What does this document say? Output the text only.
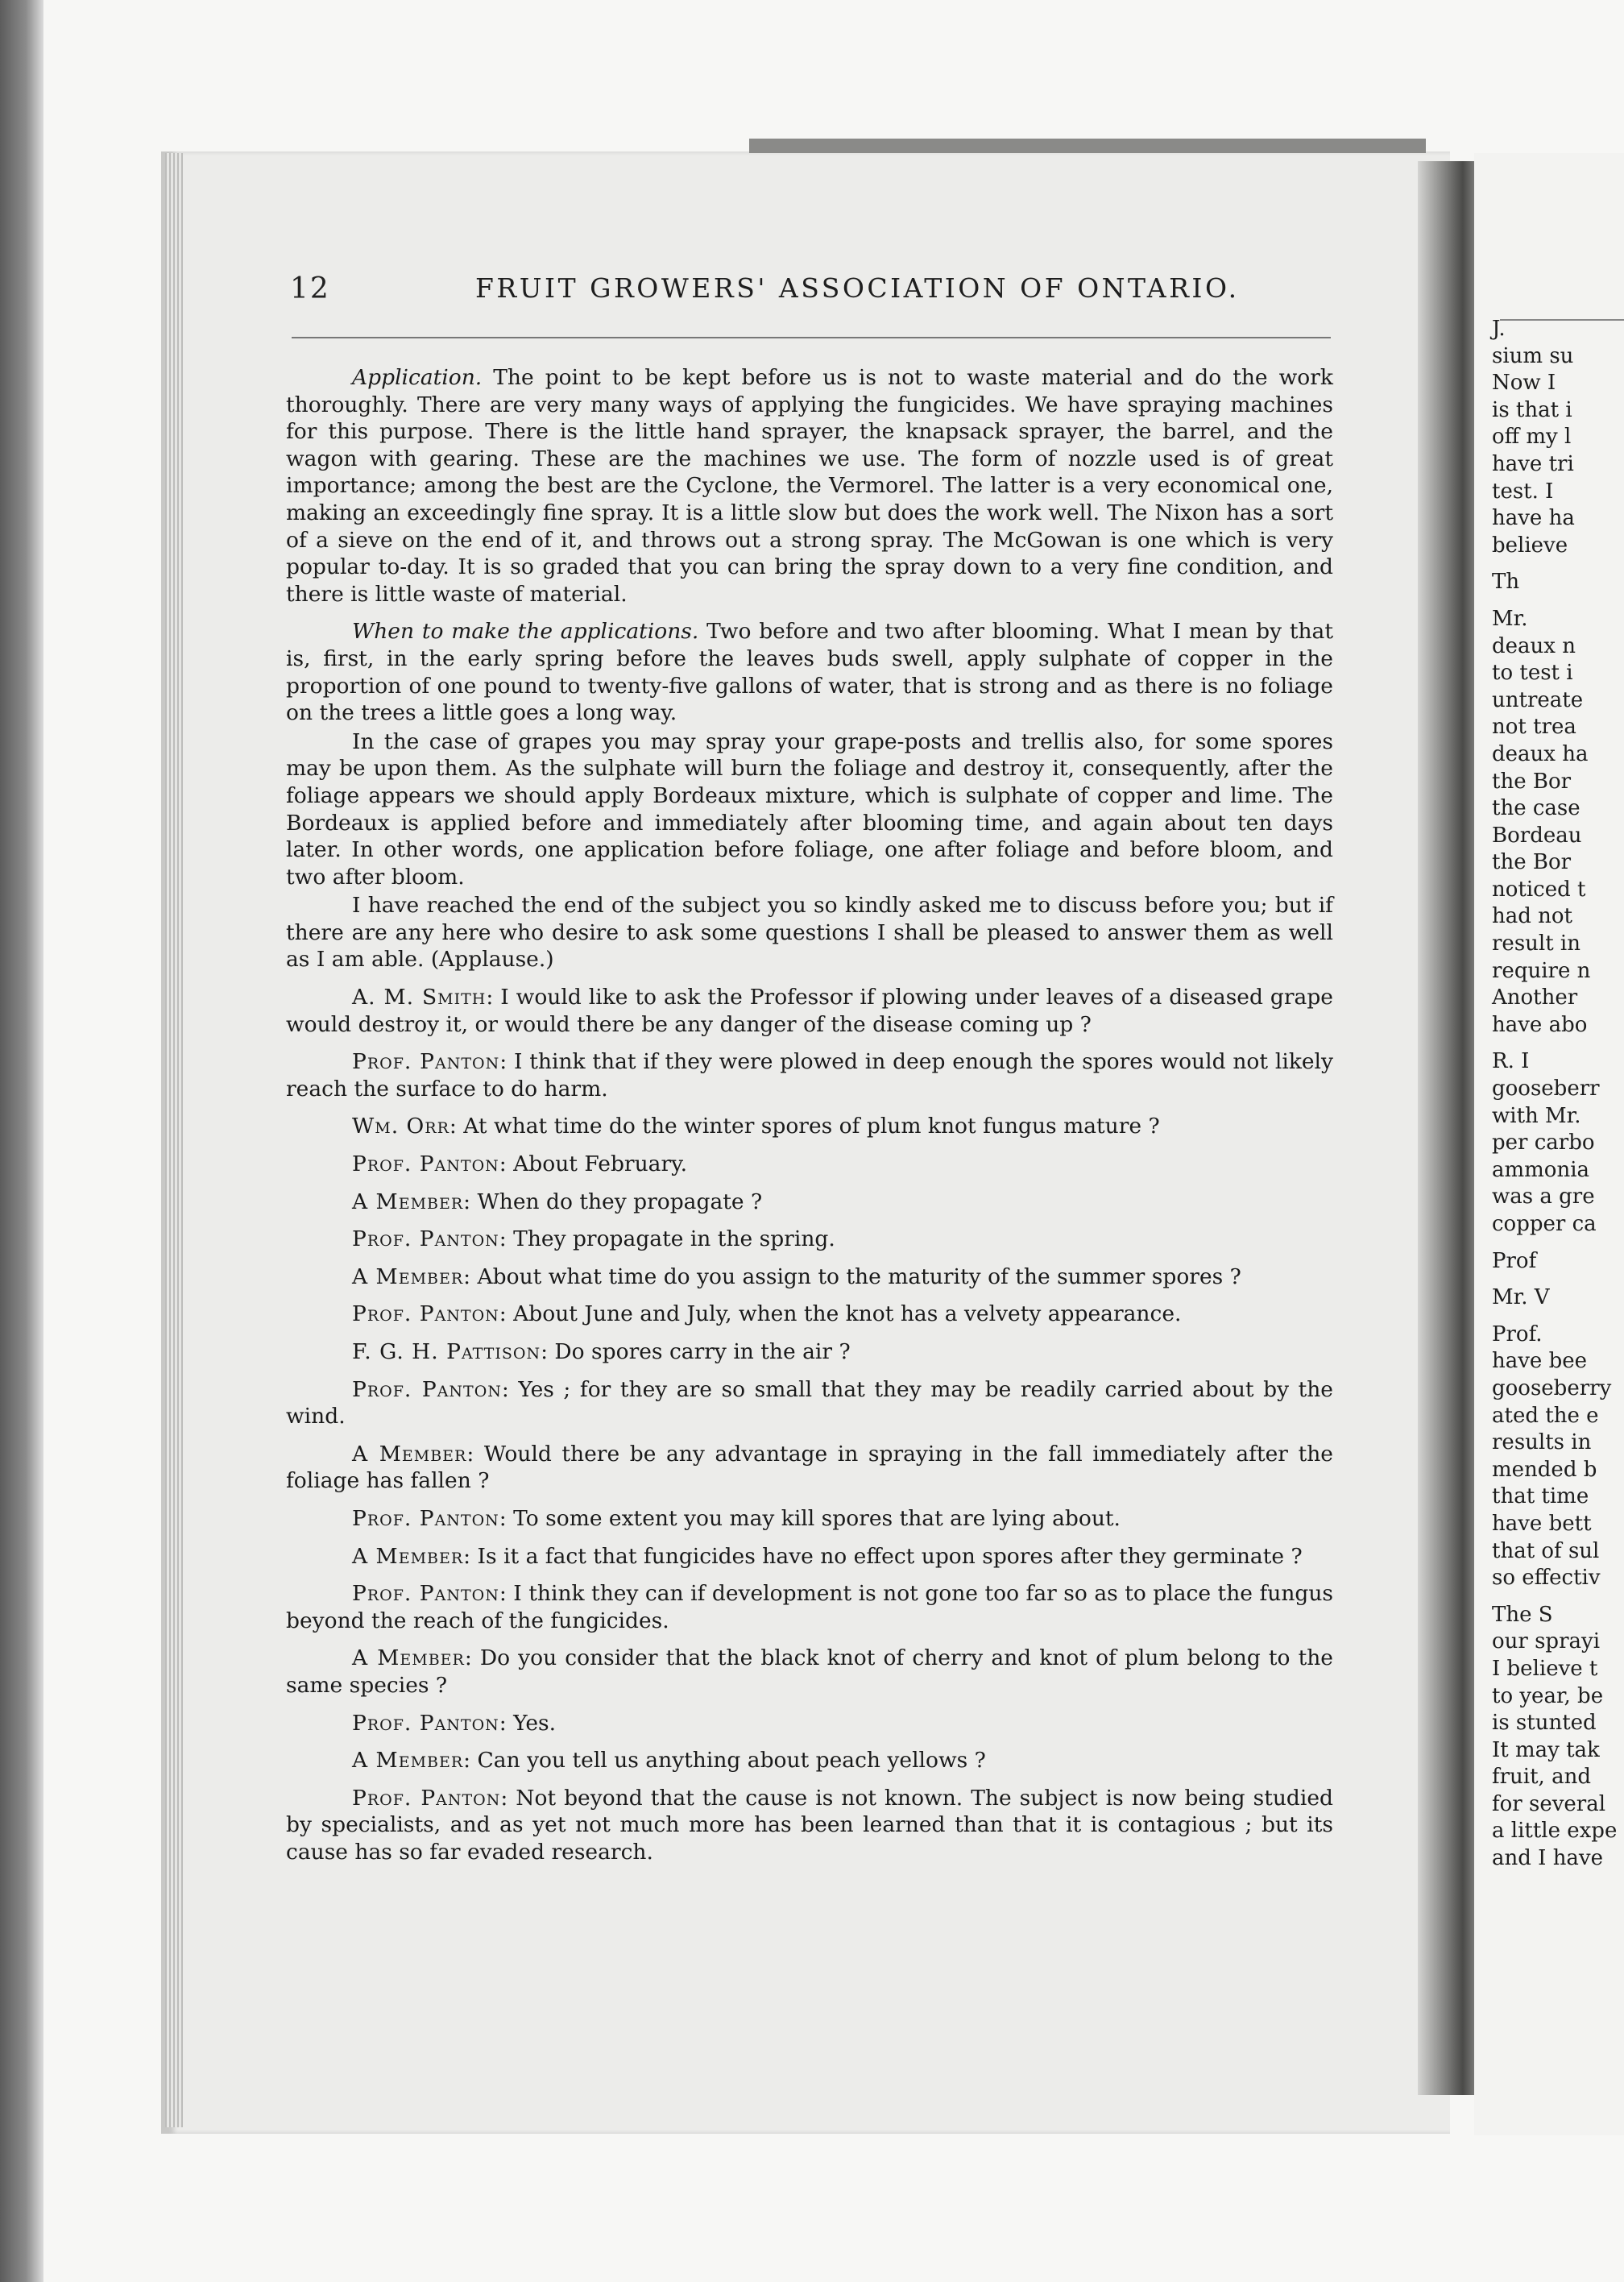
12	FRUIT GROWERS' ASSOCIATION OF ONTARIO.

Application. The point to be kept before us is not to waste material and do the work thoroughly. There are very many ways of applying the fungicides. We have spraying machines for this purpose. There is the little hand sprayer, the knapsack sprayer, the barrel, and the wagon with gearing. These are the machines we use. The form of nozzle used is of great importance; among the best are the Cyclone, the Vermorel. The latter is a very economical one, making an exceedingly fine spray. It is a little slow but does the work well. The Nixon has a sort of a sieve on the end of it, and throws out a strong spray. The McGowan is one which is very popular to-day. It is so graded that you can bring the spray down to a very fine condition, and there is little waste of material.

When to make the applications. Two before and two after blooming. What I mean by that is, first, in the early spring before the leaves buds swell, apply sulphate of copper in the proportion of one pound to twenty-five gallons of water, that is strong and as there is no foliage on the trees a little goes a long way.

In the case of grapes you may spray your grape-posts and trellis also, for some spores may be upon them. As the sulphate will burn the foliage and destroy it, consequently, after the foliage appears we should apply Bordeaux mixture, which is sulphate of copper and lime. The Bordeaux is applied before and immediately after blooming time, and again about ten days later. In other words, one application before foliage, one after foliage and before bloom, and two after bloom.

I have reached the end of the subject you so kindly asked me to discuss before you; but if there are any here who desire to ask some questions I shall be pleased to answer them as well as I am able. (Applause.)

A. M. Smith: I would like to ask the Professor if plowing under leaves of a diseased grape would destroy it, or would there be any danger of the disease coming up ?

Prof. Panton: I think that if they were plowed in deep enough the spores would not likely reach the surface to do harm.

Wm. Orr: At what time do the winter spores of plum knot fungus mature ?

Prof. Panton: About February.

A Member: When do they propagate ?

Prof. Panton: They propagate in the spring.

A Member: About what time do you assign to the maturity of the summer spores ?

Prof. Panton: About June and July, when the knot has a velvety appearance.

F. G. H. Pattison: Do spores carry in the air ?

Prof. Panton: Yes ; for they are so small that they may be readily carried about by the wind.

A Member: Would there be any advantage in spraying in the fall immediately after the foliage has fallen ?

Prof. Panton: To some extent you may kill spores that are lying about.

A Member: Is it a fact that fungicides have no effect upon spores after they germinate ?

Prof. Panton: I think they can if development is not gone too far so as to place the fungus beyond the reach of the fungicides.

A Member: Do you consider that the black knot of cherry and knot of plum belong to the same species ?

Prof. Panton: Yes.

A Member: Can you tell us anything about peach yellows ?

Prof. Panton: Not beyond that the cause is not known. The subject is now being studied by specialists, and as yet not much more has been learned than that it is contagious ; but its cause has so far evaded research.

J.
sium su
Now I
is that i
off my l
have tri
test. I
have ha
believe
Th
Mr.
deaux n
to test i
untreate
not trea
deaux ha
the Bor
the case
Bordeau
the Bor
noticed t
had not
result in
require n
Another
have abo
R. I
gooseberr
with Mr.
per carbo
ammonia
was a gre
copper ca
Prof
Mr. V
Prof.
have bee
gooseberry
ated the e
results in
mended b
that time
have bett
that of sul
so effectiv
The S
our sprayi
I believe t
to year, be
is stunted
It may tak
fruit, and
for several
a little expe
and I have
